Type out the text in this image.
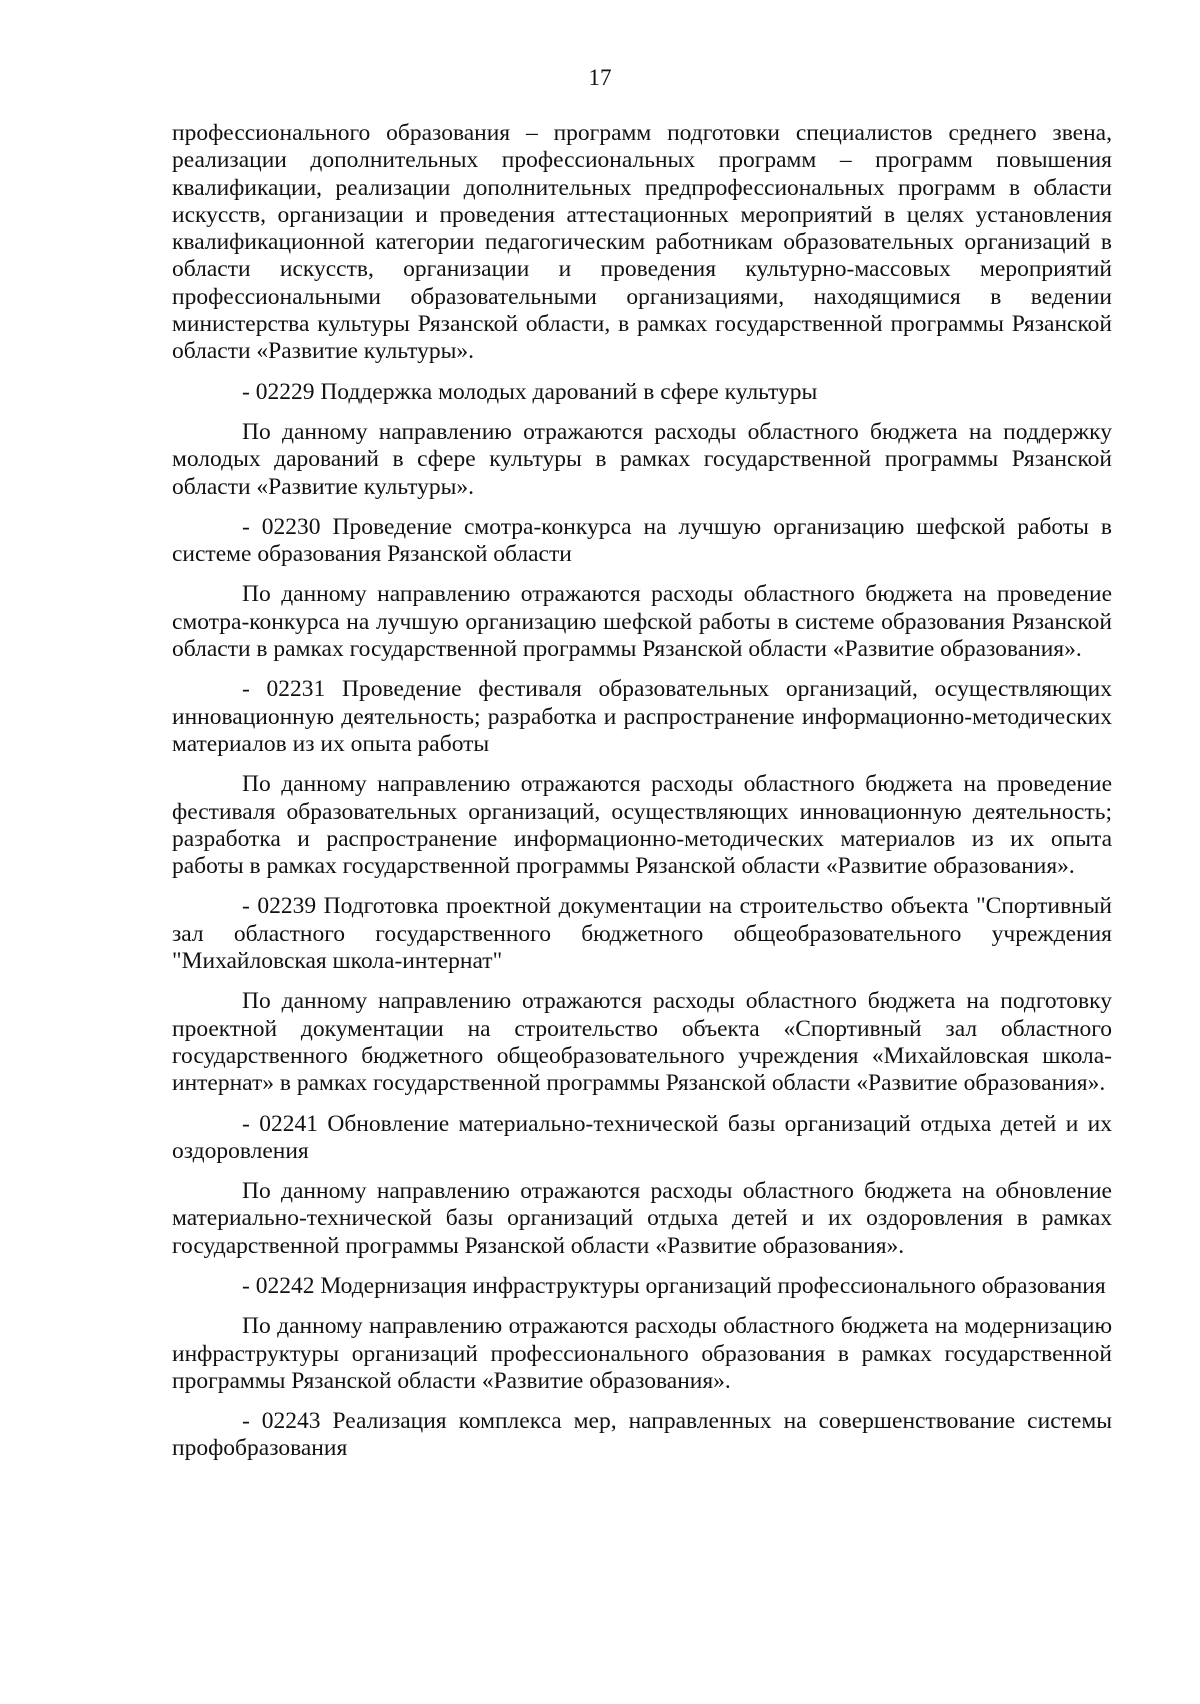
17

профессионального образования – программ подготовки специалистов среднего звена, реализации дополнительных профессиональных программ – программ повышения квалификации, реализации дополнительных предпрофессиональных программ в области искусств, организации и проведения аттестационных мероприятий в целях установления квалификационной категории педагогическим работникам образовательных организаций в области искусств, организации и проведения культурно-массовых мероприятий профессиональными образовательными организациями, находящимися в ведении министерства культуры Рязанской области, в рамках государственной программы Рязанской области «Развитие культуры».

- 02229 Поддержка молодых дарований в сфере культуры

По данному направлению отражаются расходы областного бюджета на поддержку молодых дарований в сфере культуры в рамках государственной программы Рязанской области «Развитие культуры».

- 02230 Проведение смотра-конкурса на лучшую организацию шефской работы в системе образования Рязанской области

По данному направлению отражаются расходы областного бюджета на проведение смотра-конкурса на лучшую организацию шефской работы в системе образования Рязанской области в рамках государственной программы Рязанской области «Развитие образования».

- 02231 Проведение фестиваля образовательных организаций, осуществляющих инновационную деятельность; разработка и распространение информационно-методических материалов из их опыта работы

По данному направлению отражаются расходы областного бюджета на проведение фестиваля образовательных организаций, осуществляющих инновационную деятельность; разработка и распространение информационно-методических материалов из их опыта работы в рамках государственной программы Рязанской области «Развитие образования».

- 02239 Подготовка проектной документации на строительство объекта "Спортивный зал областного государственного бюджетного общеобразовательного учреждения "Михайловская школа-интернат"

По данному направлению отражаются расходы областного бюджета на подготовку проектной документации на строительство объекта «Спортивный зал областного государственного бюджетного общеобразовательного учреждения «Михайловская школа-интернат» в рамках государственной программы Рязанской области «Развитие образования».

- 02241 Обновление материально-технической базы организаций отдыха детей и их оздоровления

По данному направлению отражаются расходы областного бюджета на обновление материально-технической базы организаций отдыха детей и их оздоровления в рамках государственной программы Рязанской области «Развитие образования».

- 02242 Модернизация инфраструктуры организаций профессионального образования

По данному направлению отражаются расходы областного бюджета на модернизацию инфраструктуры организаций профессионального образования в рамках государственной программы Рязанской области «Развитие образования».

- 02243 Реализация комплекса мер, направленных на совершенствование системы профобразования
